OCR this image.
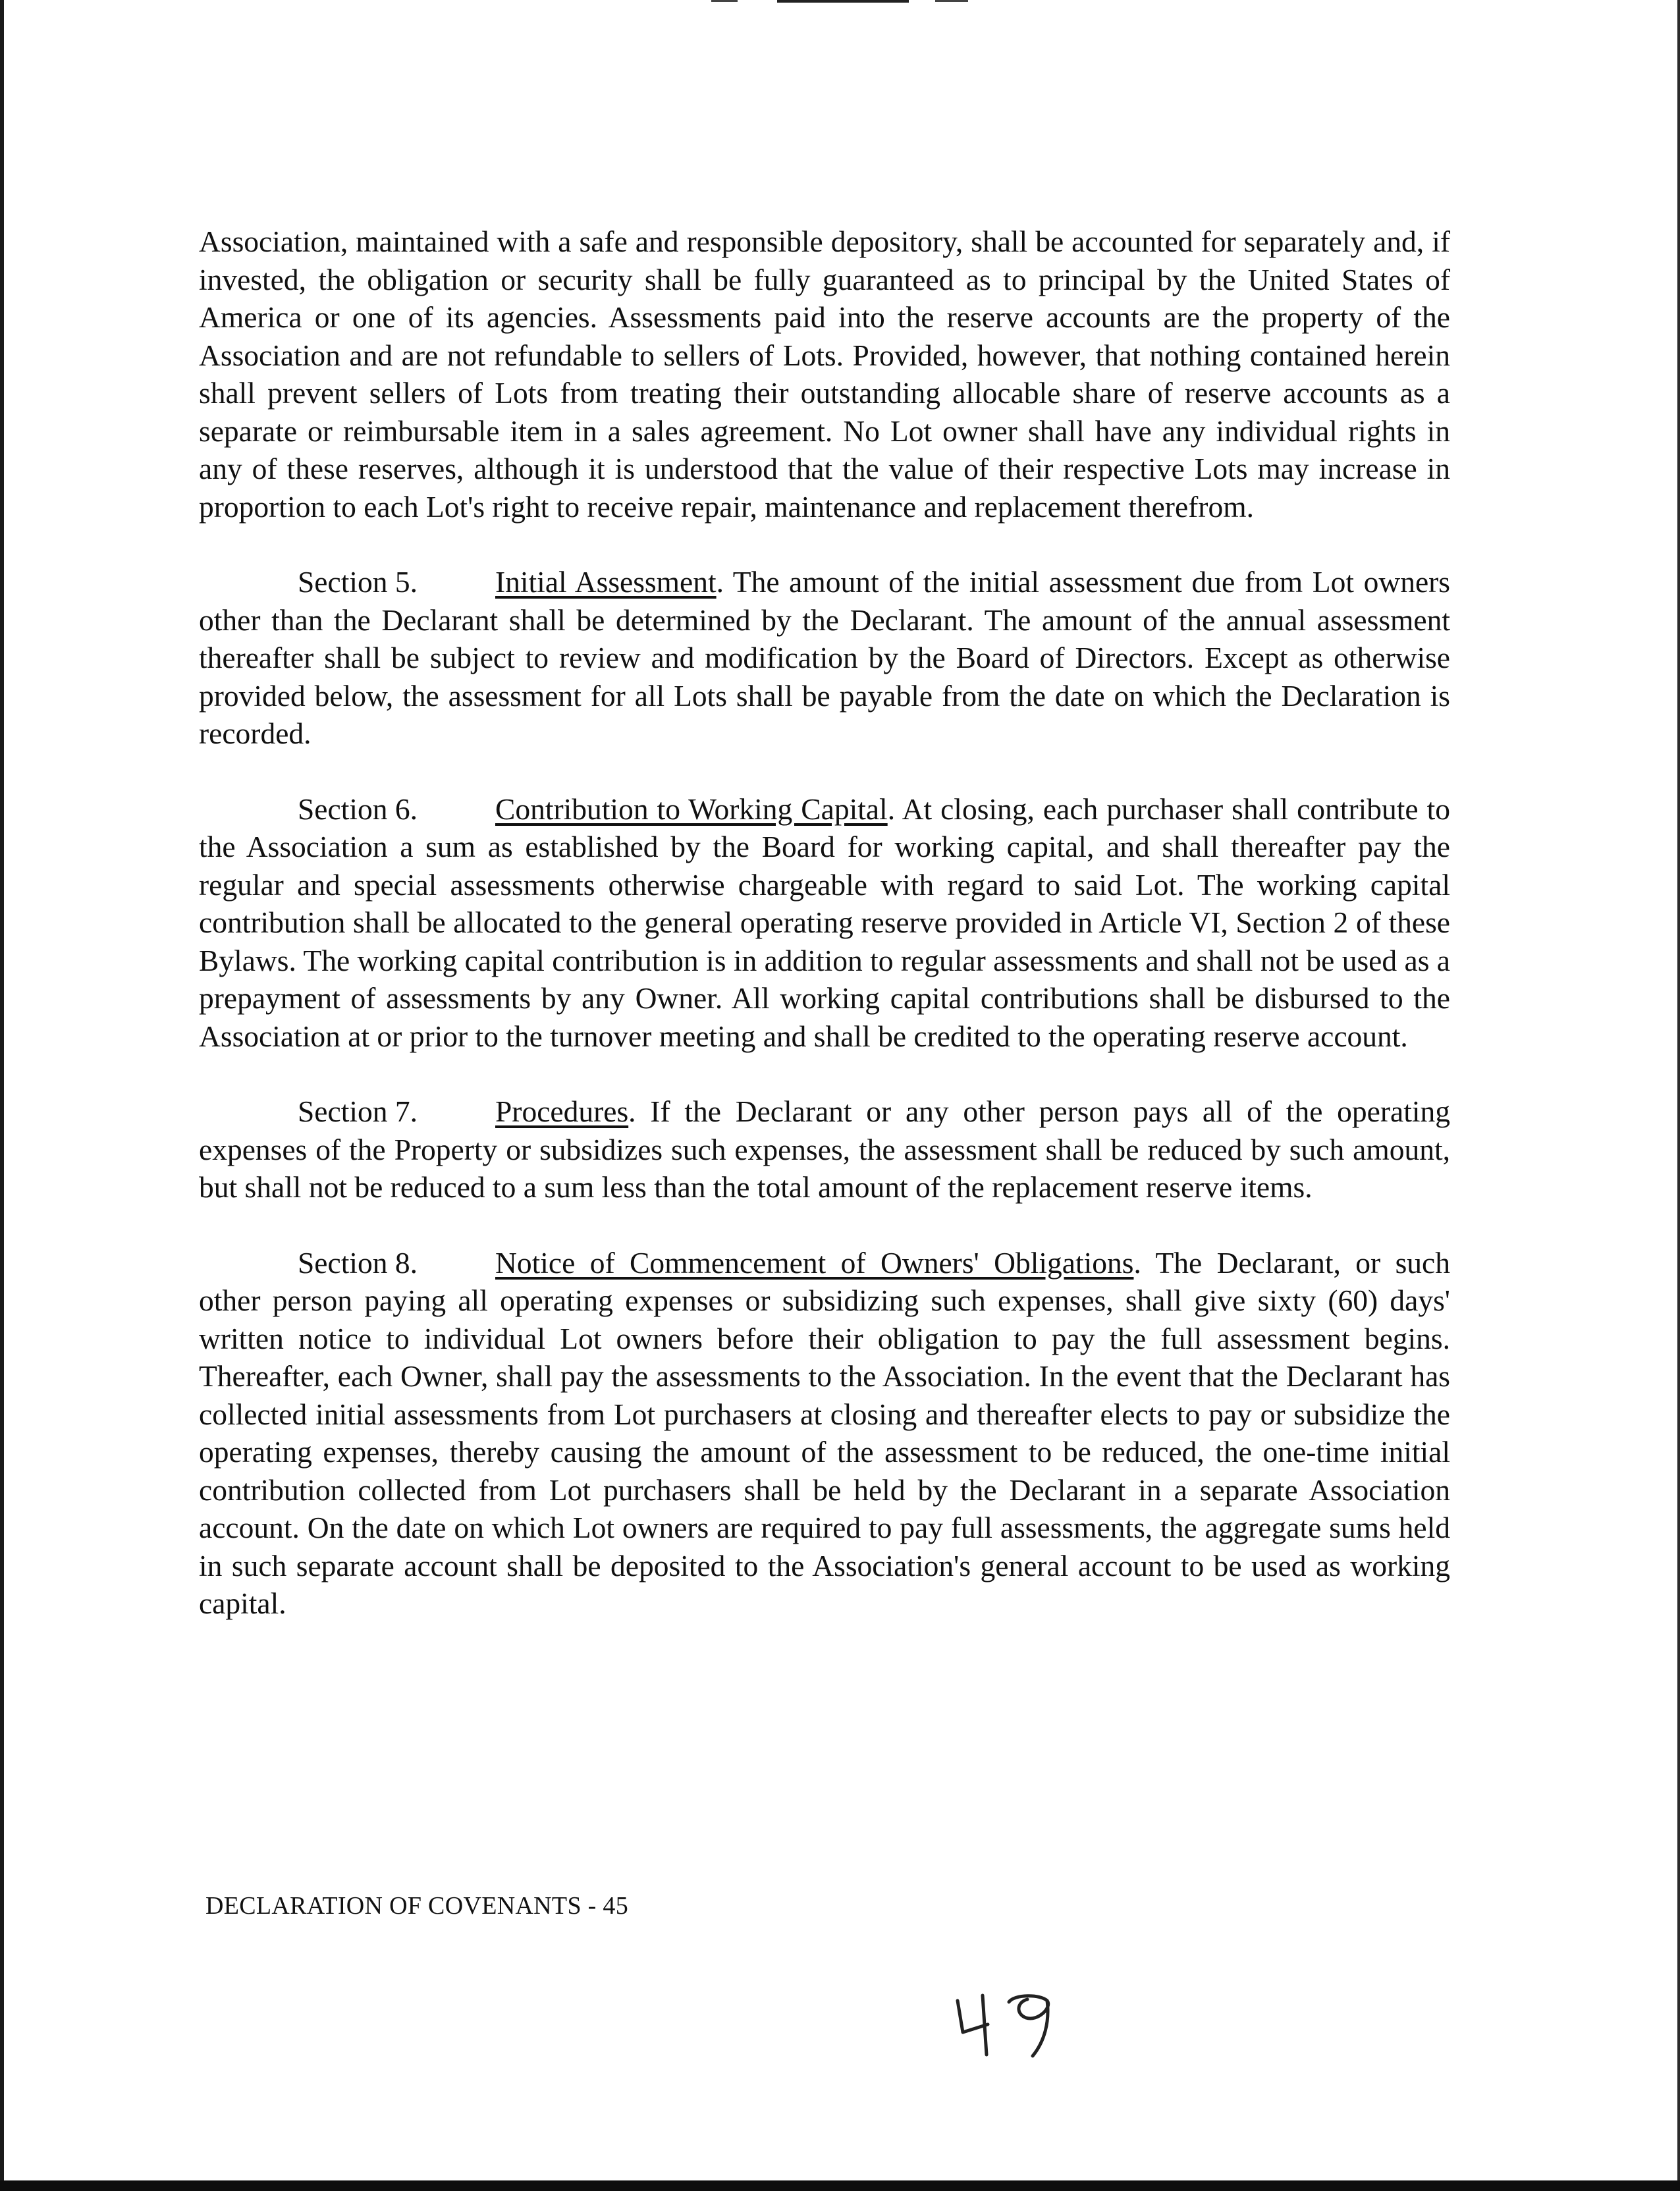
Association, maintained with a safe and responsible depository, shall be accounted for separately and, if invested, the obligation or security shall be fully guaranteed as to principal by the United States of America or one of its agencies. Assessments paid into the reserve accounts are the property of the Association and are not refundable to sellers of Lots. Provided, however, that nothing contained herein shall prevent sellers of Lots from treating their outstanding allocable share of reserve accounts as a separate or reimbursable item in a sales agreement. No Lot owner shall have any individual rights in any of these reserves, although it is understood that the value of their respective Lots may increase in proportion to each Lot's right to receive repair, maintenance and replacement therefrom.

Section 5.	Initial Assessment. The amount of the initial assessment due from Lot owners other than the Declarant shall be determined by the Declarant. The amount of the annual assessment thereafter shall be subject to review and modification by the Board of Directors. Except as otherwise provided below, the assessment for all Lots shall be payable from the date on which the Declaration is recorded.

Section 6.	Contribution to Working Capital. At closing, each purchaser shall contribute to the Association a sum as established by the Board for working capital, and shall thereafter pay the regular and special assessments otherwise chargeable with regard to said Lot. The working capital contribution shall be allocated to the general operating reserve provided in Article VI, Section 2 of these Bylaws. The working capital contribution is in addition to regular assessments and shall not be used as a prepayment of assessments by any Owner. All working capital contributions shall be disbursed to the Association at or prior to the turnover meeting and shall be credited to the operating reserve account.

Section 7.	Procedures. If the Declarant or any other person pays all of the operating expenses of the Property or subsidizes such expenses, the assessment shall be reduced by such amount, but shall not be reduced to a sum less than the total amount of the replacement reserve items.

Section 8.	Notice of Commencement of Owners' Obligations. The Declarant, or such other person paying all operating expenses or subsidizing such expenses, shall give sixty (60) days' written notice to individual Lot owners before their obligation to pay the full assessment begins. Thereafter, each Owner, shall pay the assessments to the Association. In the event that the Declarant has collected initial assessments from Lot purchasers at closing and thereafter elects to pay or subsidize the operating expenses, thereby causing the amount of the assessment to be reduced, the one-time initial contribution collected from Lot purchasers shall be held by the Declarant in a separate Association account. On the date on which Lot owners are required to pay full assessments, the aggregate sums held in such separate account shall be deposited to the Association's general account to be used as working capital.

DECLARATION OF COVENANTS - 45
